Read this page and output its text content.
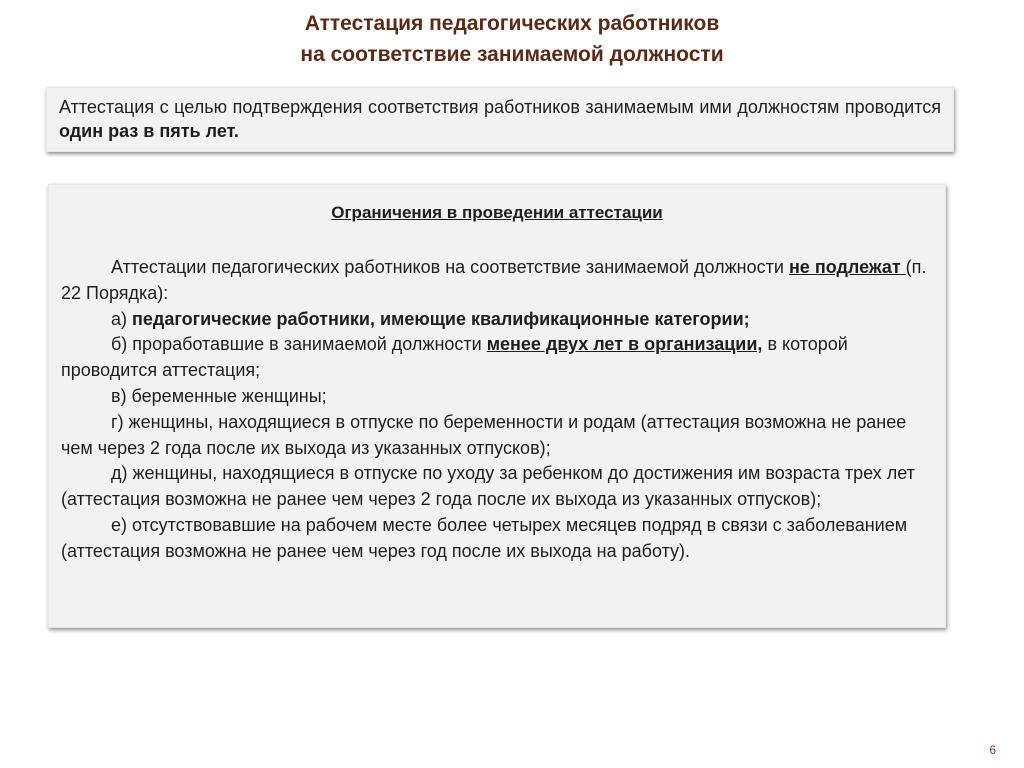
Аттестация педагогических работников
на соответствие занимаемой должности
Аттестация с целью подтверждения соответствия работников занимаемым ими должностям проводится один раз в пять лет.
Ограничения в проведении аттестации

Аттестации педагогических работников на соответствие занимаемой должности не подлежат (п. 22 Порядка):

а) педагогические работники, имеющие квалификационные категории;

б) проработавшие в занимаемой должности менее двух лет в организации, в которой проводится аттестация;

в) беременные женщины;

г) женщины, находящиеся в отпуске по беременности и родам (аттестация возможна не ранее чем через 2 года после их выхода из указанных отпусков);

д) женщины, находящиеся в отпуске по уходу за ребенком до достижения им возраста трех лет (аттестация возможна не ранее чем через 2 года после их выхода из указанных отпусков);

е) отсутствовавшие на рабочем месте более четырех месяцев подряд в связи с заболеванием (аттестация возможна не ранее чем через год после их выхода на работу).

6
